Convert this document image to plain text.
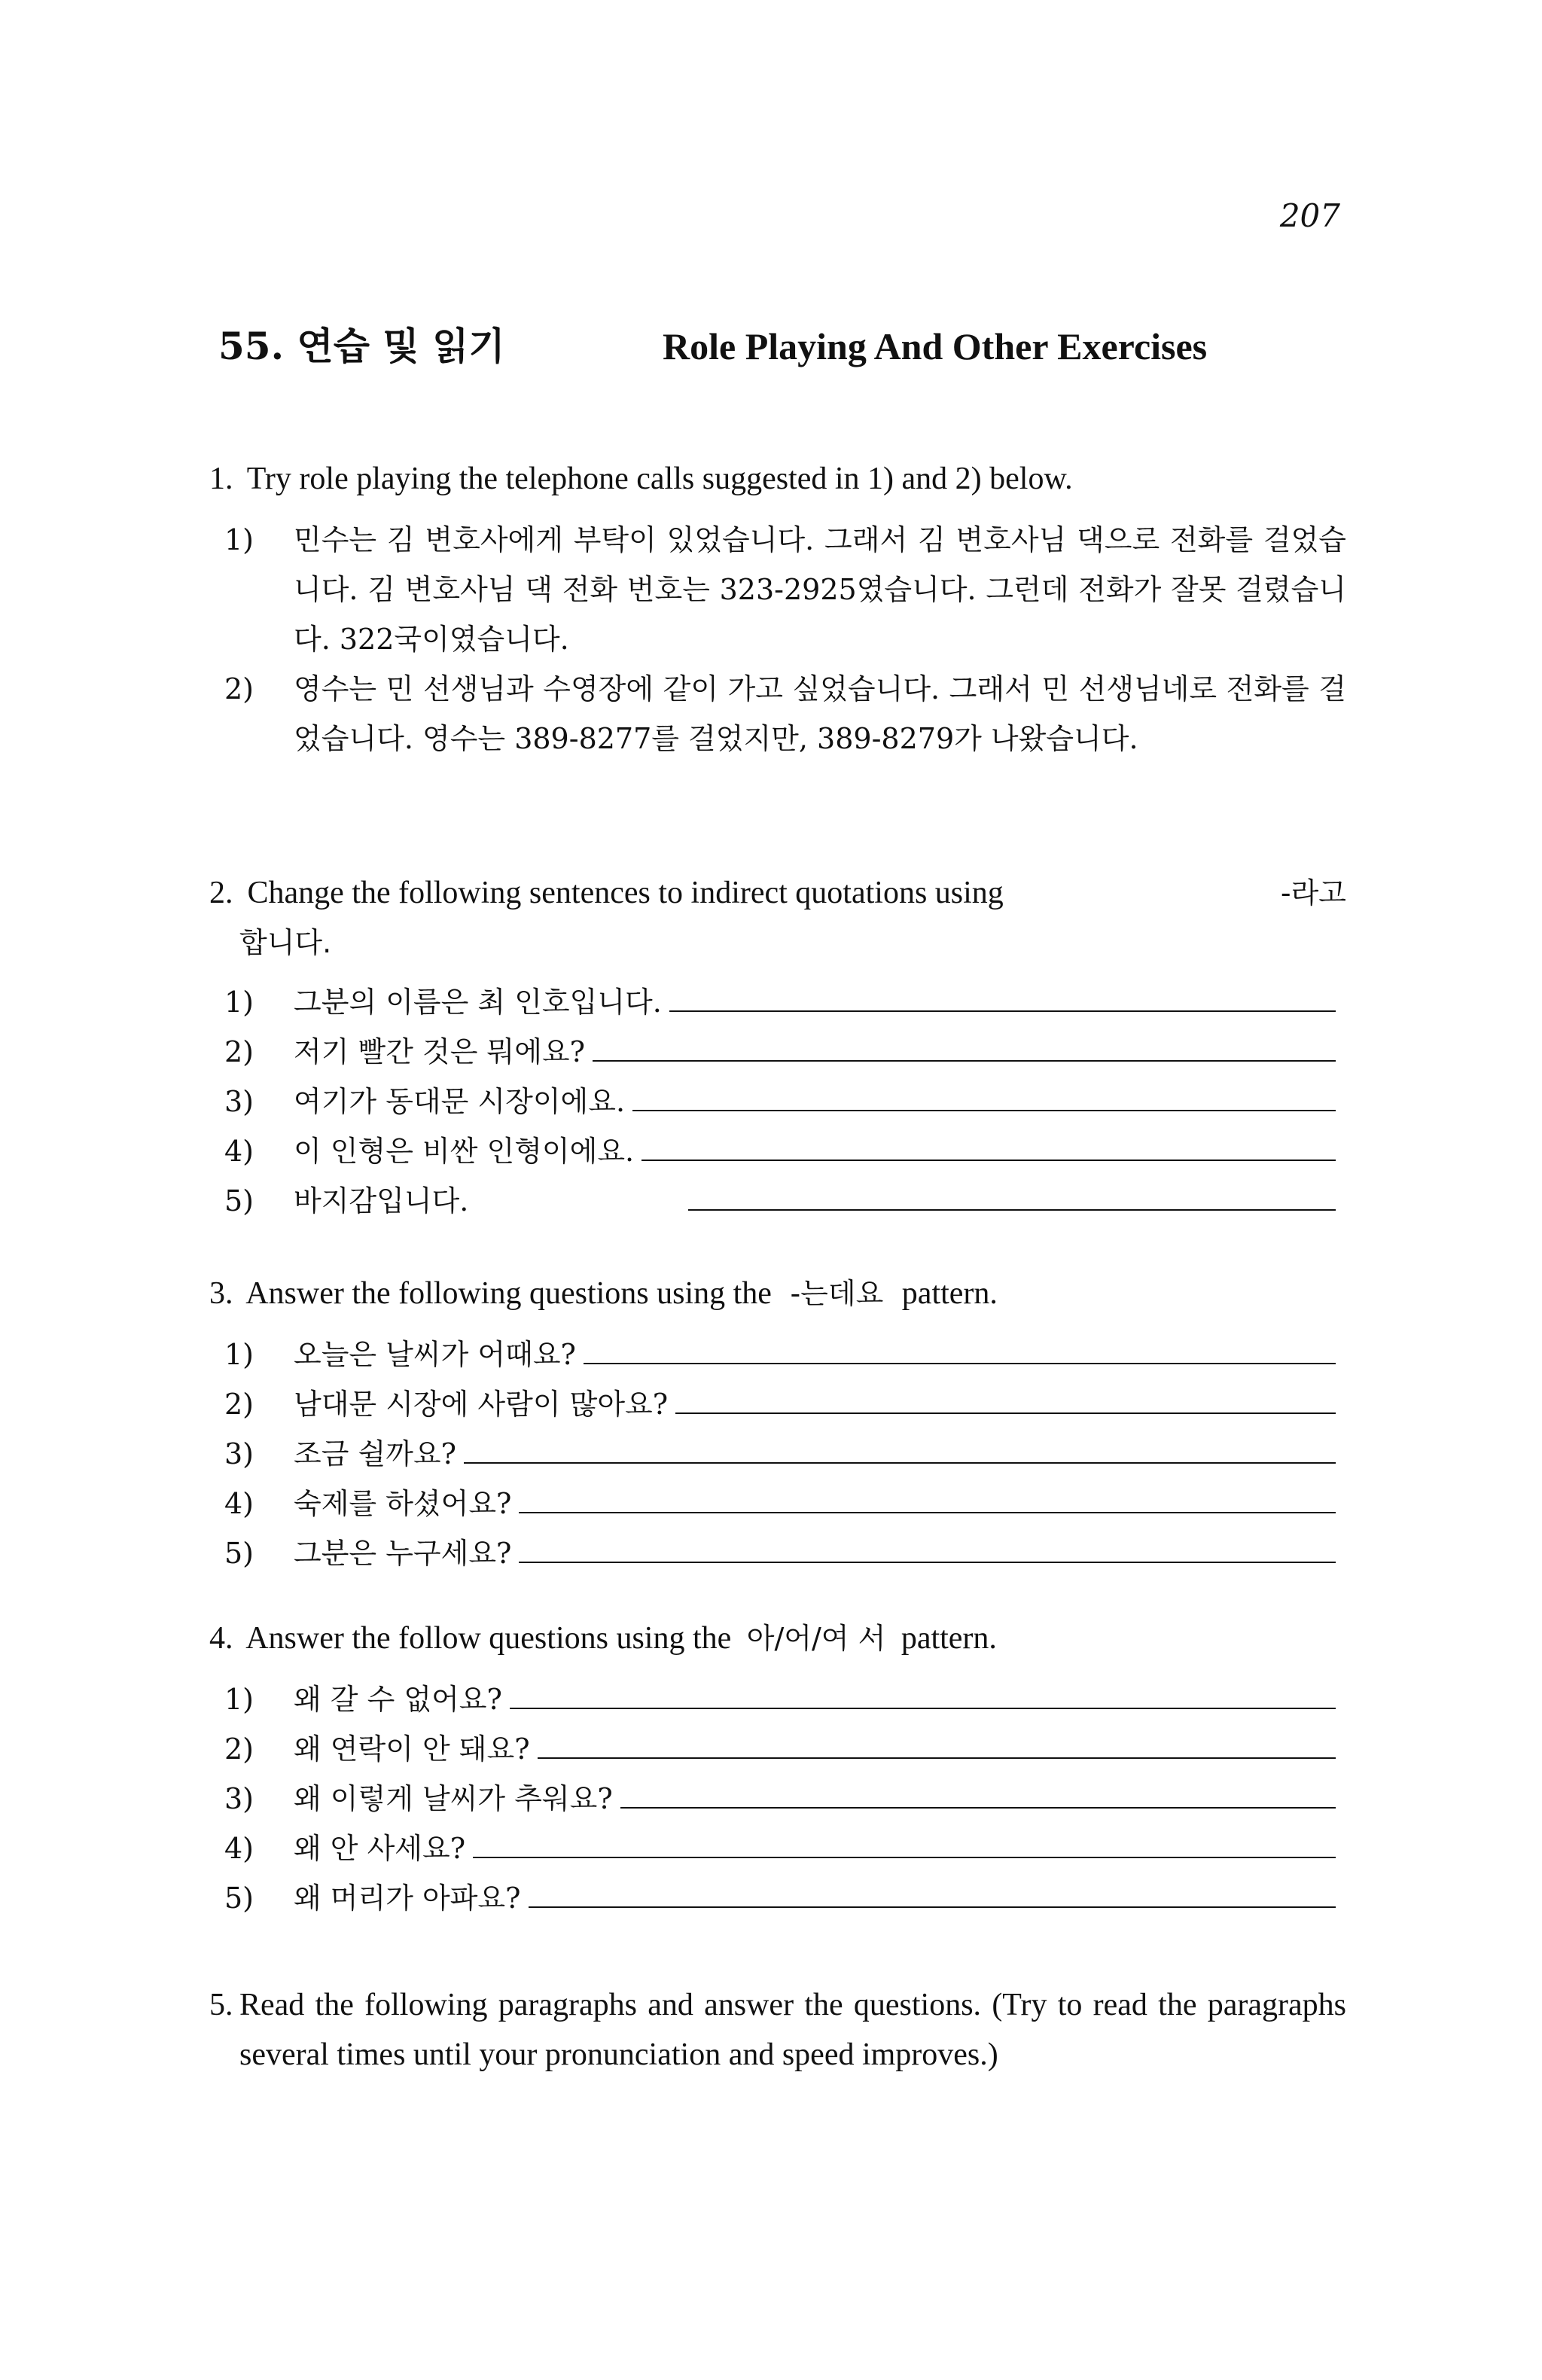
207
55. 연습 및 읽기	Role Playing And Other Exercises
1. Try role playing the telephone calls suggested in 1) and 2) below.
1)	민수는 김 변호사에게 부탁이 있었습니다. 그래서 김 변호사님 댁으로 전화를 걸었습니다. 김 변호사님 댁 전화 번호는 323-2925였습니다. 그런데 전화가 잘못 걸렸습니다. 322국이였습니다.
2)	영수는 민 선생님과 수영장에 같이 가고 싶었습니다. 그래서 민 선생님네로 전화를 걸었습니다. 영수는 389-8277를 걸었지만, 389-8279가 나왔습니다.
2. Change the following sentences to indirect quotations using	-라고
합니다.
1)	그분의 이름은 최 인호입니다.
2)	저기 빨간 것은 뭐에요?
3)	여기가 동대문 시장이에요.
4)	이 인형은 비싼 인형이에요.
5)	바지감입니다.
3. Answer the following questions using the -는데요 pattern.
1)	오늘은 날씨가 어때요?
2)	남대문 시장에 사람이 많아요?
3)	조금 쉴까요?
4)	숙제를 하셨어요?
5)	그분은 누구세요?
4. Answer the follow questions using the 아/어/여 서 pattern.
1)	왜 갈 수 없어요?
2)	왜 연락이 안 돼요?
3)	왜 이렇게 날씨가 추워요?
4)	왜 안 사세요?
5)	왜 머리가 아파요?
5. Read the following paragraphs and answer the questions. (Try to read the paragraphs several times until your pronunciation and speed improves.)
